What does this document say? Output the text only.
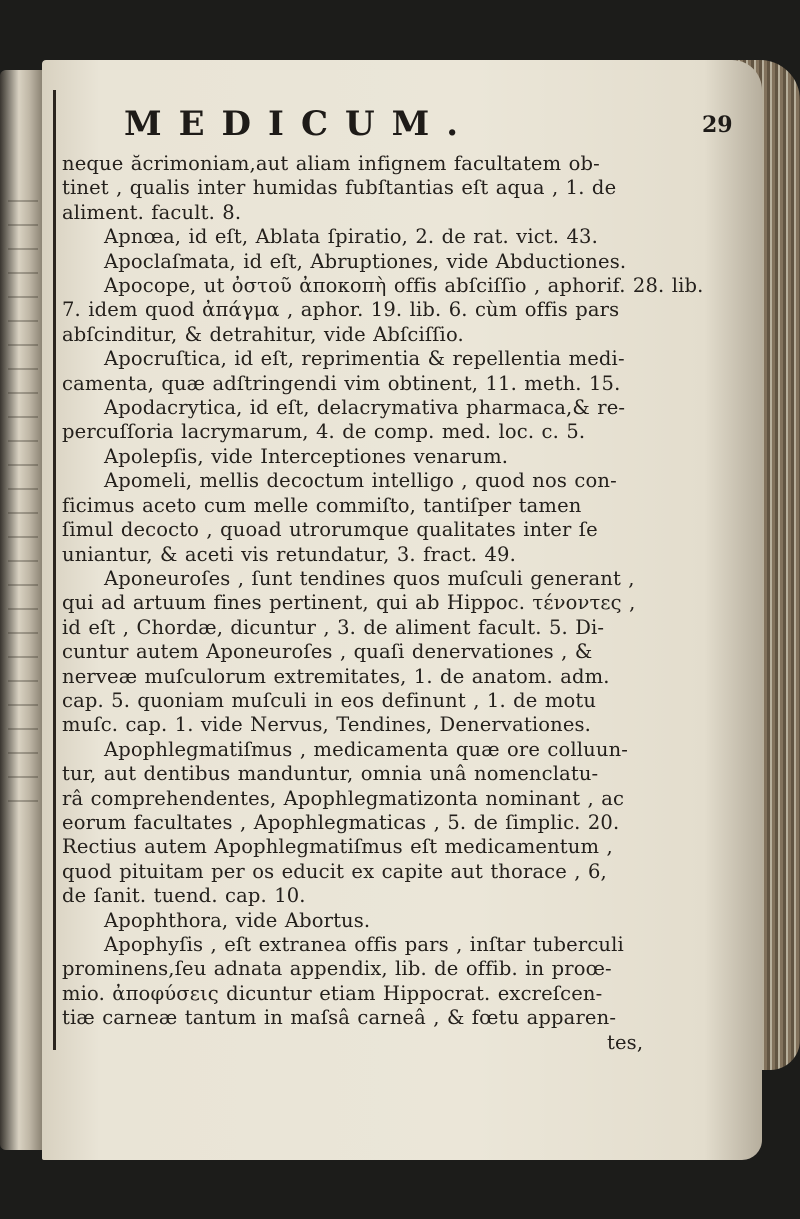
MEDICUM.	29
neque ăcrimoniam,aut aliam infignem facultatem ob-
tinet , qualis inter humidas fubſtantias eſt aqua , 1. de
aliment. facult. 8.
Apnœa, id eſt, Ablata ſpiratio, 2. de rat. vict. 43.
Apoclaſmata, id eſt, Abruptiones, vide Abductiones.
Apocope, ut ὀστοῦ ἀποκοπὴ offis abſciſſio , aphorif. 28. lib.
7. idem quod ἀπάγμα , aphor. 19. lib. 6. cùm offis pars
abſcinditur, & detrahitur, vide Abſciſſio.
Apocruſtica, id eſt, reprimentia & repellentia medi-
camenta, quæ adſtringendi vim obtinent, 11. meth. 15.
Apodacrytica, id eſt, delacrymativa pharmaca,& re-
percuſſoria lacrymarum, 4. de comp. med. loc. c. 5.
Apolepſis, vide Interceptiones venarum.
Apomeli, mellis decoctum intelligo , quod nos con-
ficimus aceto cum melle commiſto, tantiſper tamen
ſimul decocto , quoad utrorumque qualitates inter ſe
uniantur, & aceti vis retundatur, 3. fract. 49.
Aponeuroſes , ſunt tendines quos muſculi generant ,
qui ad artuum fines pertinent, qui ab Hippoc. τένοντες ,
id eſt , Chordæ, dicuntur , 3. de aliment facult. 5. Di-
cuntur autem Aponeuroſes , quaſi denervationes , &
nerveæ muſculorum extremitates, 1. de anatom. adm.
cap. 5. quoniam muſculi in eos definunt , 1. de motu
muſc. cap. 1. vide Nervus, Tendines, Denervationes.
Apophlegmatiſmus , medicamenta quæ ore colluun-
tur, aut dentibus manduntur, omnia unâ nomenclatu-
râ comprehendentes, Apophlegmatizonta nominant , ac
eorum facultates , Apophlegmaticas , 5. de ſimplic. 20.
Rectius autem Apophlegmatiſmus eſt medicamentum ,
quod pituitam per os educit ex capite aut thorace , 6,
de ſanit. tuend. cap. 10.
Apophthora, vide Abortus.
Apophyſis , eſt extranea offis pars , inſtar tuberculi
prominens,ſeu adnata appendix, lib. de offib. in proœ-
mio. ἀποφύσεις dicuntur etiam Hippocrat. excreſcen-
tiæ carneæ tantum in maſsâ carneâ , & fœtu apparen-
tes,
